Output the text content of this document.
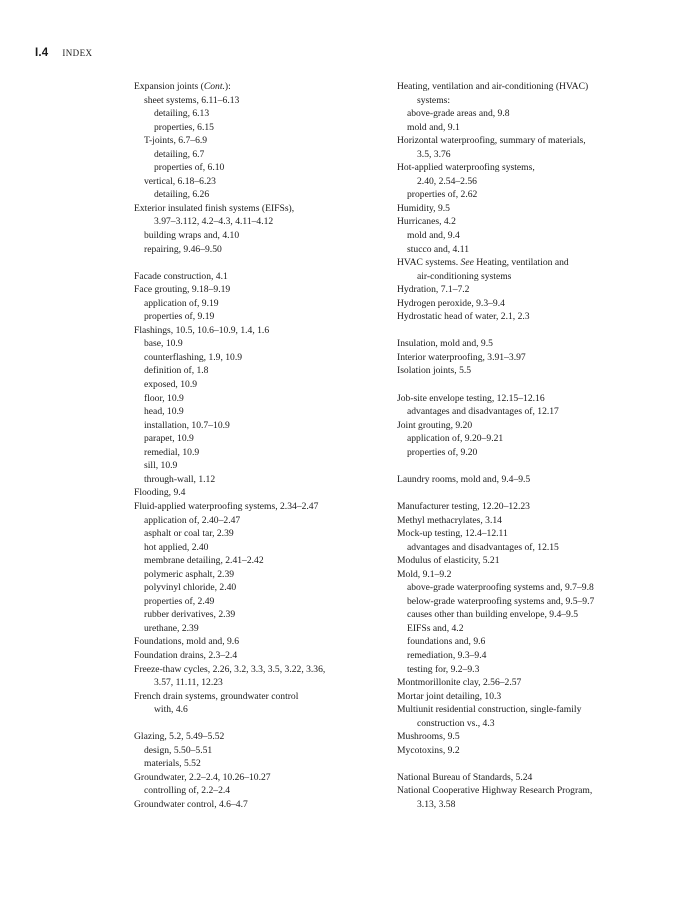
I.4 INDEX
Expansion joints (Cont.):
sheet systems, 6.11–6.13
detailing, 6.13
properties, 6.15
T-joints, 6.7–6.9
detailing, 6.7
properties of, 6.10
vertical, 6.18–6.23
detailing, 6.26
Exterior insulated finish systems (EIFSs),
3.97–3.112, 4.2–4.3, 4.11–4.12
building wraps and, 4.10
repairing, 9.46–9.50
Facade construction, 4.1
Face grouting, 9.18–9.19
application of, 9.19
properties of, 9.19
Flashings, 10.5, 10.6–10.9, 1.4, 1.6
base, 10.9
counterflashing, 1.9, 10.9
definition of, 1.8
exposed, 10.9
floor, 10.9
head, 10.9
installation, 10.7–10.9
parapet, 10.9
remedial, 10.9
sill, 10.9
through-wall, 1.12
Flooding, 9.4
Fluid-applied waterproofing systems, 2.34–2.47
application of, 2.40–2.47
asphalt or coal tar, 2.39
hot applied, 2.40
membrane detailing, 2.41–2.42
polymeric asphalt, 2.39
polyvinyl chloride, 2.40
properties of, 2.49
rubber derivatives, 2.39
urethane, 2.39
Foundations, mold and, 9.6
Foundation drains, 2.3–2.4
Freeze-thaw cycles, 2.26, 3.2, 3.3, 3.5, 3.22, 3.36,
3.57, 11.11, 12.23
French drain systems, groundwater control
with, 4.6
Glazing, 5.2, 5.49–5.52
design, 5.50–5.51
materials, 5.52
Groundwater, 2.2–2.4, 10.26–10.27
controlling of, 2.2–2.4
Groundwater control, 4.6–4.7
Heating, ventilation and air-conditioning (HVAC)
systems:
above-grade areas and, 9.8
mold and, 9.1
Horizontal waterproofing, summary of materials,
3.5, 3.76
Hot-applied waterproofing systems,
2.40, 2.54–2.56
properties of, 2.62
Humidity, 9.5
Hurricanes, 4.2
mold and, 9.4
stucco and, 4.11
HVAC systems. See Heating, ventilation and
air-conditioning systems
Hydration, 7.1–7.2
Hydrogen peroxide, 9.3–9.4
Hydrostatic head of water, 2.1, 2.3
Insulation, mold and, 9.5
Interior waterproofing, 3.91–3.97
Isolation joints, 5.5
Job-site envelope testing, 12.15–12.16
advantages and disadvantages of, 12.17
Joint grouting, 9.20
application of, 9.20–9.21
properties of, 9.20
Laundry rooms, mold and, 9.4–9.5
Manufacturer testing, 12.20–12.23
Methyl methacrylates, 3.14
Mock-up testing, 12.4–12.11
advantages and disadvantages of, 12.15
Modulus of elasticity, 5.21
Mold, 9.1–9.2
above-grade waterproofing systems and, 9.7–9.8
below-grade waterproofing systems and, 9.5–9.7
causes other than building envelope, 9.4–9.5
EIFSs and, 4.2
foundations and, 9.6
remediation, 9.3–9.4
testing for, 9.2–9.3
Montmorillonite clay, 2.56–2.57
Mortar joint detailing, 10.3
Multiunit residential construction, single-family
construction vs., 4.3
Mushrooms, 9.5
Mycotoxins, 9.2
National Bureau of Standards, 5.24
National Cooperative Highway Research Program,
3.13, 3.58
